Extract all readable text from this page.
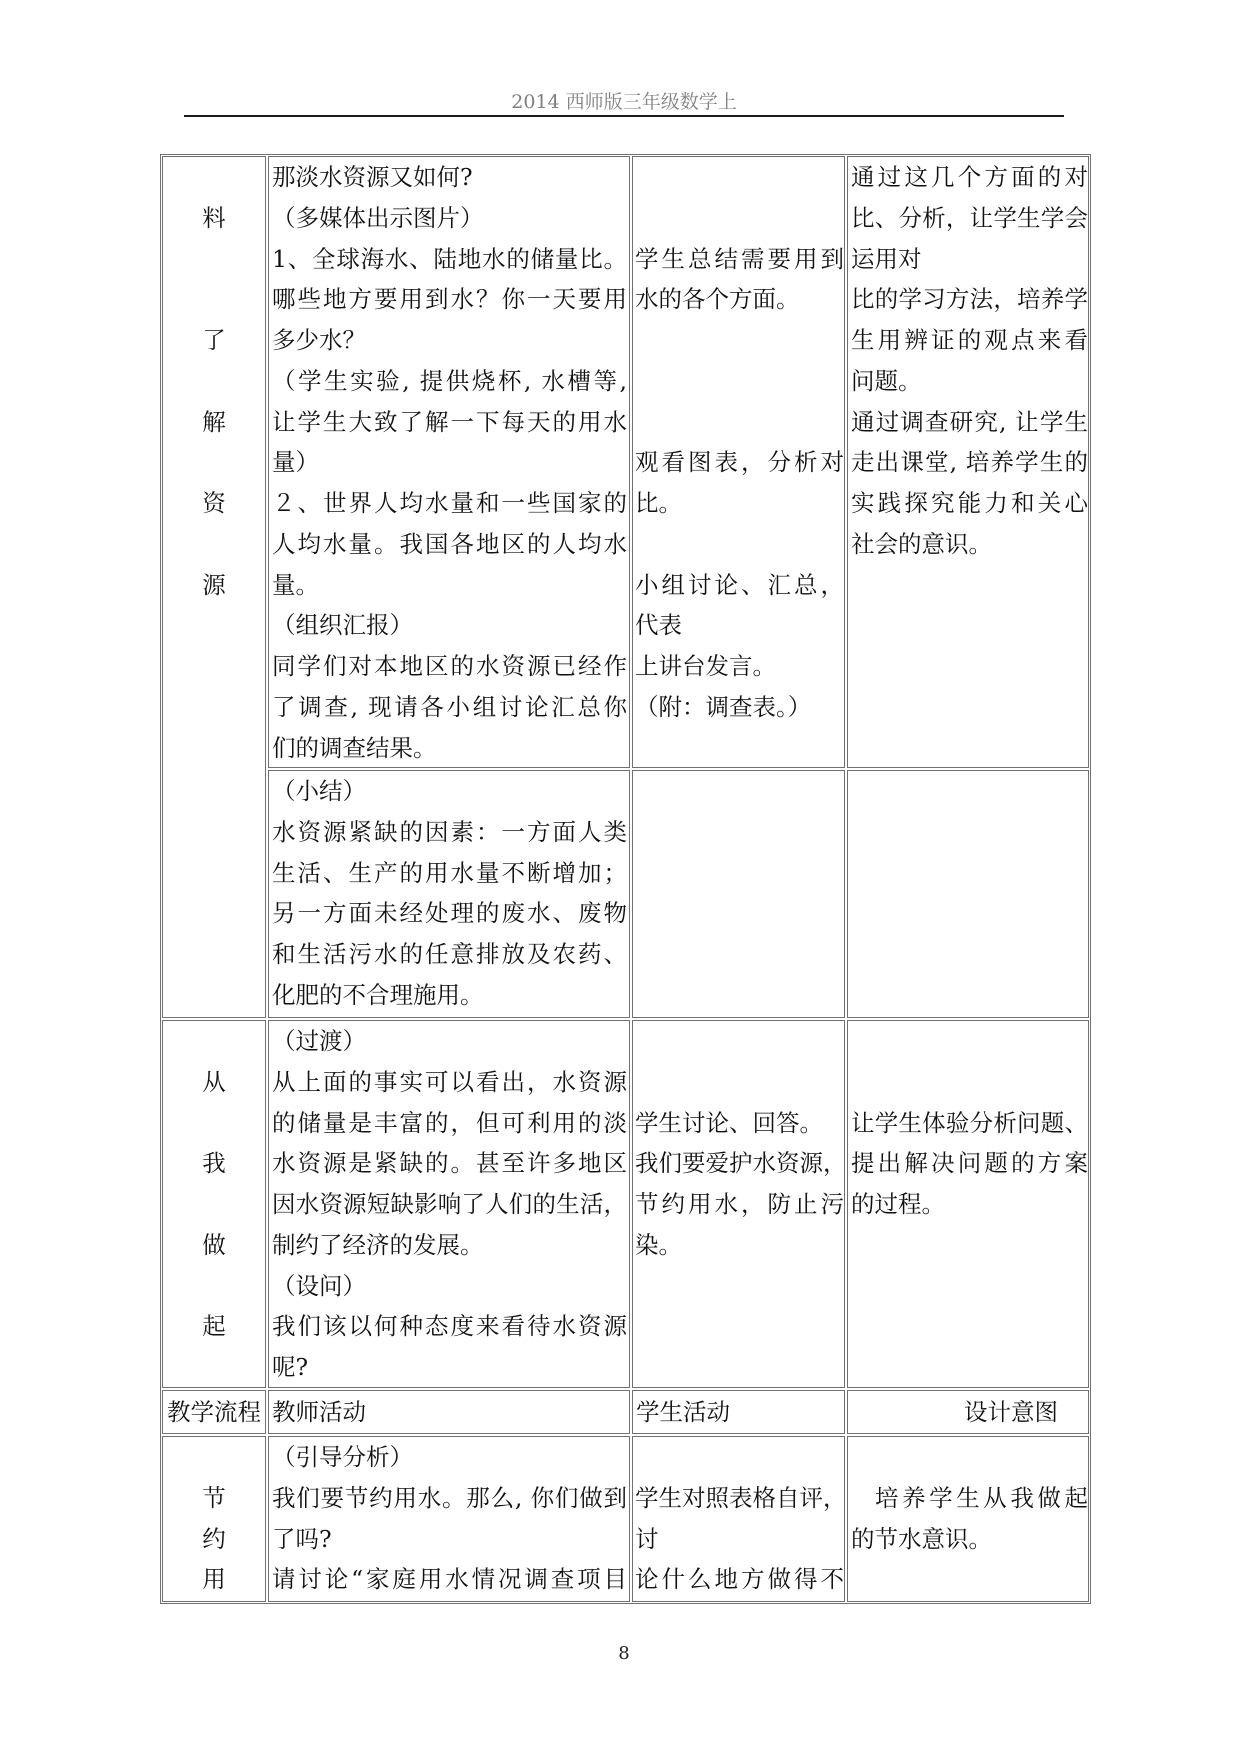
2014 西师版三年级数学上
料
了
解
资
源
那淡水资源又如何?
（多媒体出示图片）
1、全球海水、陆地水的储量比。
哪些地方要用到水？你一天要用
多少水？
（学生实验, 提供烧杯, 水槽等,
让学生大致了解一下每天的用水
量）
２、世界人均水量和一些国家的
人均水量。我国各地区的人均水
量。
（组织汇报）
同学们对本地区的水资源已经作
了调查, 现请各小组讨论汇总你
们的调查结果。
学生总结需要用到
水的各个方面。
观看图表，分析对
比。
小组讨论、汇总，
代表
上讲台发言。
（附：调查表。）
通过这几个方面的对
比、分析，让学生学会
运用对
比的学习方法，培养学
生用辨证的观点来看
问题。
通过调查研究, 让学生
走出课堂, 培养学生的
实践探究能力和关心
社会的意识。
（小结）
水资源紧缺的因素：一方面人类
生活、生产的用水量不断增加；
另一方面未经处理的废水、废物
和生活污水的任意排放及农药、
化肥的不合理施用。
从
我
做
起
（过渡）
从上面的事实可以看出，水资源
的储量是丰富的，但可利用的淡
水资源是紧缺的。甚至许多地区
因水资源短缺影响了人们的生活，
制约了经济的发展。
（设问）
我们该以何种态度来看待水资源
呢?
学生讨论、回答。
我们要爱护水资源，
节约用水，防止污
染。
让学生体验分析问题、
提出解决问题的方案
的过程。
教学流程 教师活动	学生活动	设计意图
节
约
用
（引导分析）
我们要节约用水。那么, 你们做到
了吗?
请讨论“家庭用水情况调查项目
学生对照表格自评，
讨
论什么地方做得不
培养学生从我做起
的节水意识。
8
